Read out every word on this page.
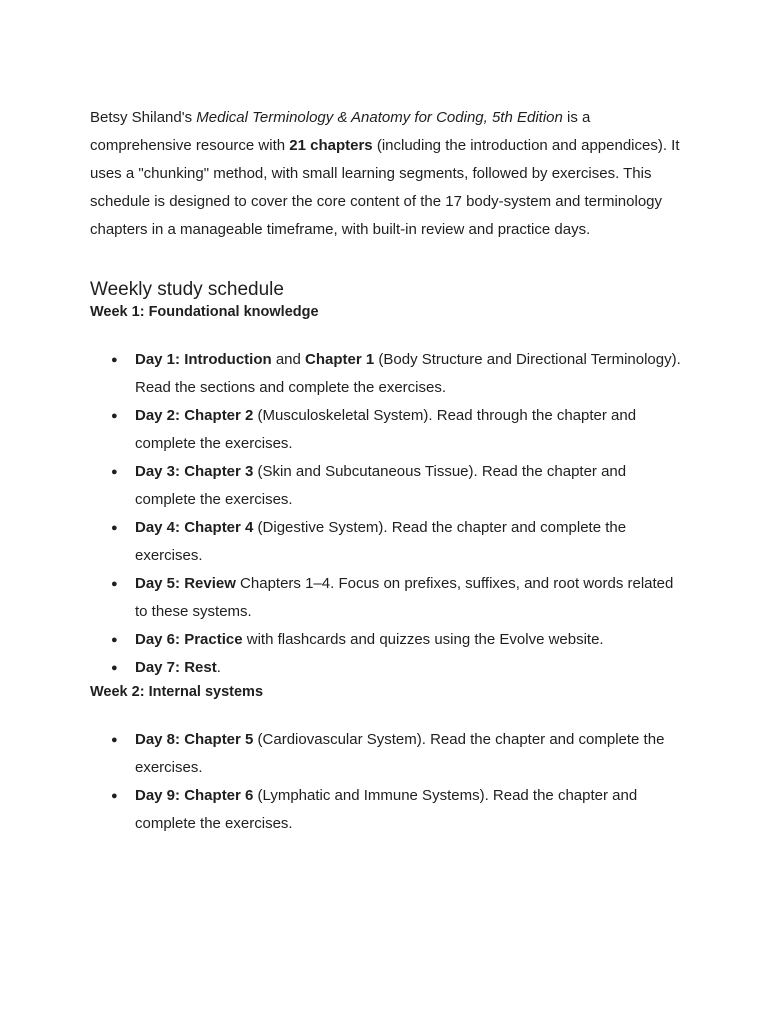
Betsy Shiland's Medical Terminology & Anatomy for Coding, 5th Edition is a comprehensive resource with 21 chapters (including the introduction and appendices). It uses a "chunking" method, with small learning segments, followed by exercises. This schedule is designed to cover the core content of the 17 body-system and terminology chapters in a manageable timeframe, with built-in review and practice days.

Weekly study schedule
Week 1: Foundational knowledge
● Day 1: Introduction and Chapter 1 (Body Structure and Directional Terminology). Read the sections and complete the exercises.
● Day 2: Chapter 2 (Musculoskeletal System). Read through the chapter and complete the exercises.
● Day 3: Chapter 3 (Skin and Subcutaneous Tissue). Read the chapter and complete the exercises.
● Day 4: Chapter 4 (Digestive System). Read the chapter and complete the exercises.
● Day 5: Review Chapters 1–4. Focus on prefixes, suffixes, and root words related to these systems.
● Day 6: Practice with flashcards and quizzes using the Evolve website.
● Day 7: Rest.
Week 2: Internal systems
● Day 8: Chapter 5 (Cardiovascular System). Read the chapter and complete the exercises.
● Day 9: Chapter 6 (Lymphatic and Immune Systems). Read the chapter and complete the exercises.
